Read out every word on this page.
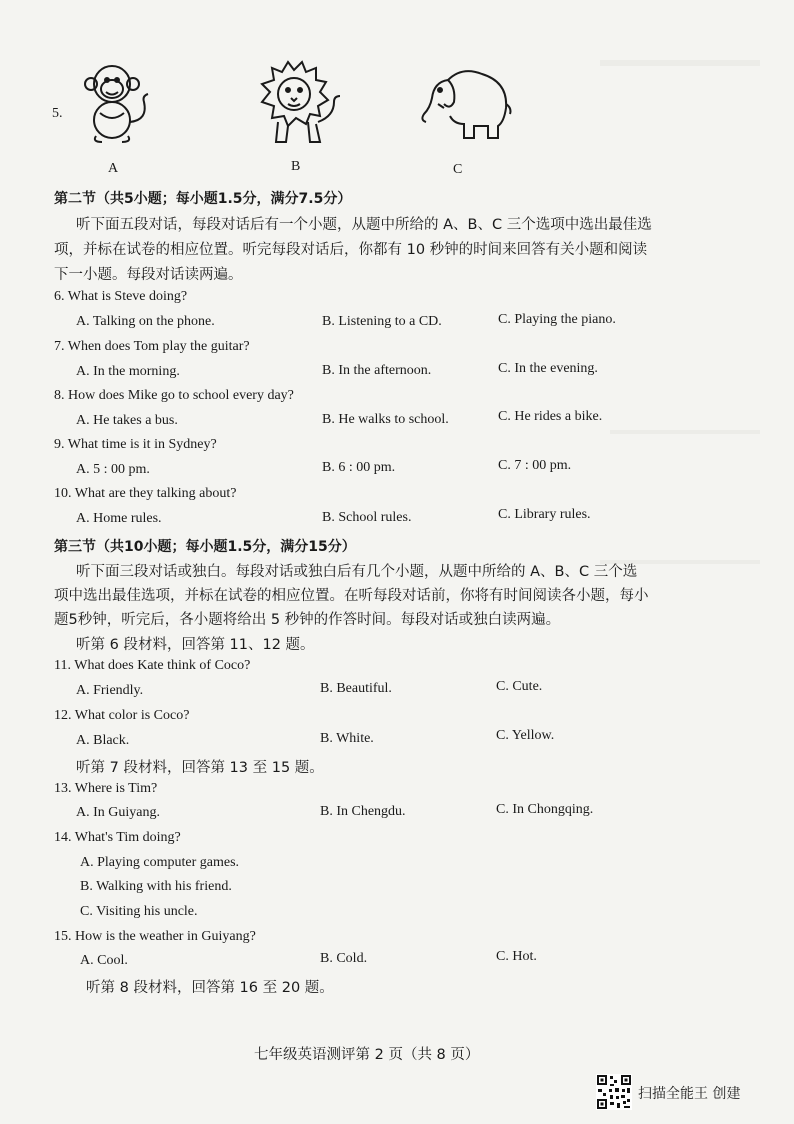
5.
A	B	C
第二节（共5小题；每小题1.5分，满分7.5分）
听下面五段对话，每段对话后有一个小题，从题中所给的 A、B、C 三个选项中选出最佳选
项，并标在试卷的相应位置。听完每段对话后，你都有 10 秒钟的时间来回答有关小题和阅读
下一小题。每段对话读两遍。
6. What is Steve doing?
A. Talking on the phone.	B. Listening to a CD.	C. Playing the piano.
7. When does Tom play the guitar?
A. In the morning.	B. In the afternoon.	C. In the evening.
8. How does Mike go to school every day?
A. He takes a bus.	B. He walks to school.	C. He rides a bike.
9. What time is it in Sydney?
A. 5 : 00 pm.	B. 6 : 00 pm.	C. 7 : 00 pm.
10. What are they talking about?
A. Home rules.	B. School rules.	C. Library rules.
第三节（共10小题；每小题1.5分，满分15分）
听下面三段对话或独白。每段对话或独白后有几个小题，从题中所给的 A、B、C 三个选
项中选出最佳选项，并标在试卷的相应位置。在听每段对话前，你将有时间阅读各小题，每小
题5秒钟，听完后，各小题将给出 5 秒钟的作答时间。每段对话或独白读两遍。
听第 6 段材料，回答第 11、12 题。
11. What does Kate think of Coco?
A. Friendly.	B. Beautiful.	C. Cute.
12. What color is Coco?
A. Black.	B. White.	C. Yellow.
听第 7 段材料，回答第 13 至 15 题。
13. Where is Tim?
A. In Guiyang.	B. In Chengdu.	C. In Chongqing.
14. What's Tim doing?
A. Playing computer games.
B. Walking with his friend.
C. Visiting his uncle.
15. How is the weather in Guiyang?
A. Cool.	B. Cold.	C. Hot.
听第 8 段材料，回答第 16 至 20 题。
七年级英语测评第 2 页（共 8 页）
扫描全能王 创建
